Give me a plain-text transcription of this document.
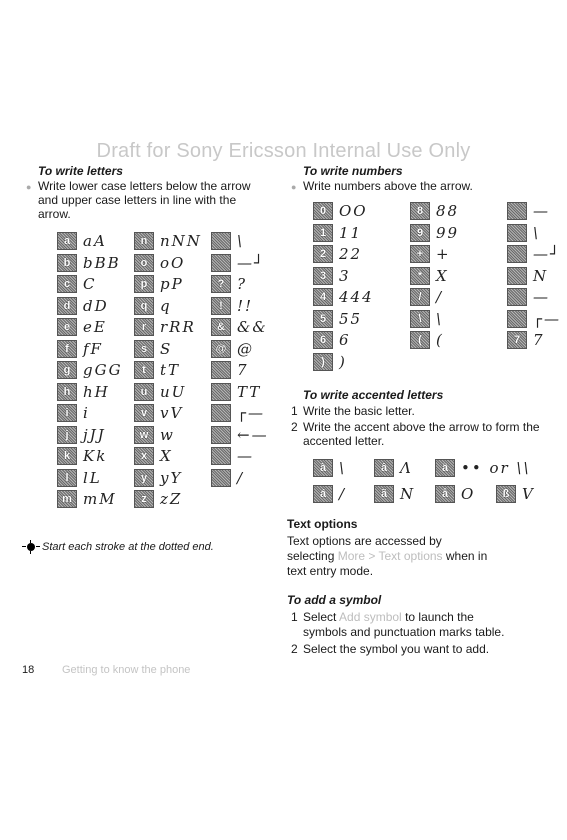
Draft for Sony Ericsson Internal Use Only
To write letters
● Write lower case letters below the arrow and upper case letters in line with the arrow.
a aA	n nNN \
b bBB	o oO	—┘
c C	p pP	? ?
d dD	q q	! !!
e eE	r rRR	& &&
f fF	s S	@ @
g gGG	t tT	7
h hH	u uU	TT
i i	v vV	┌—
j jJJ	w w	←—
k Kk	x X	—
l lL	y yY	/
m mM	z zZ
To write numbers
● Write numbers above the arrow.
0 OO	8 88	—
1 11	9 99	\
2 22	+ +	—┘
3 3	* X	N
4 444	/ /	—
5 55	\ \	┌—
6 6	( (	7 7
) )
To write accented letters
1 Write the basic letter.
2 Write the accent above the arrow to form the accented letter.
à \	â Λ	ä •• or \\
á /	ã N	å O	ß V
Start each stroke at the dotted end.
Text options
Text options are accessed by
selecting More > Text options when in
text entry mode.
To add a symbol
1 Select Add symbol to launch the
symbols and punctuation marks table.
2 Select the symbol you want to add.
18	Getting to know the phone
